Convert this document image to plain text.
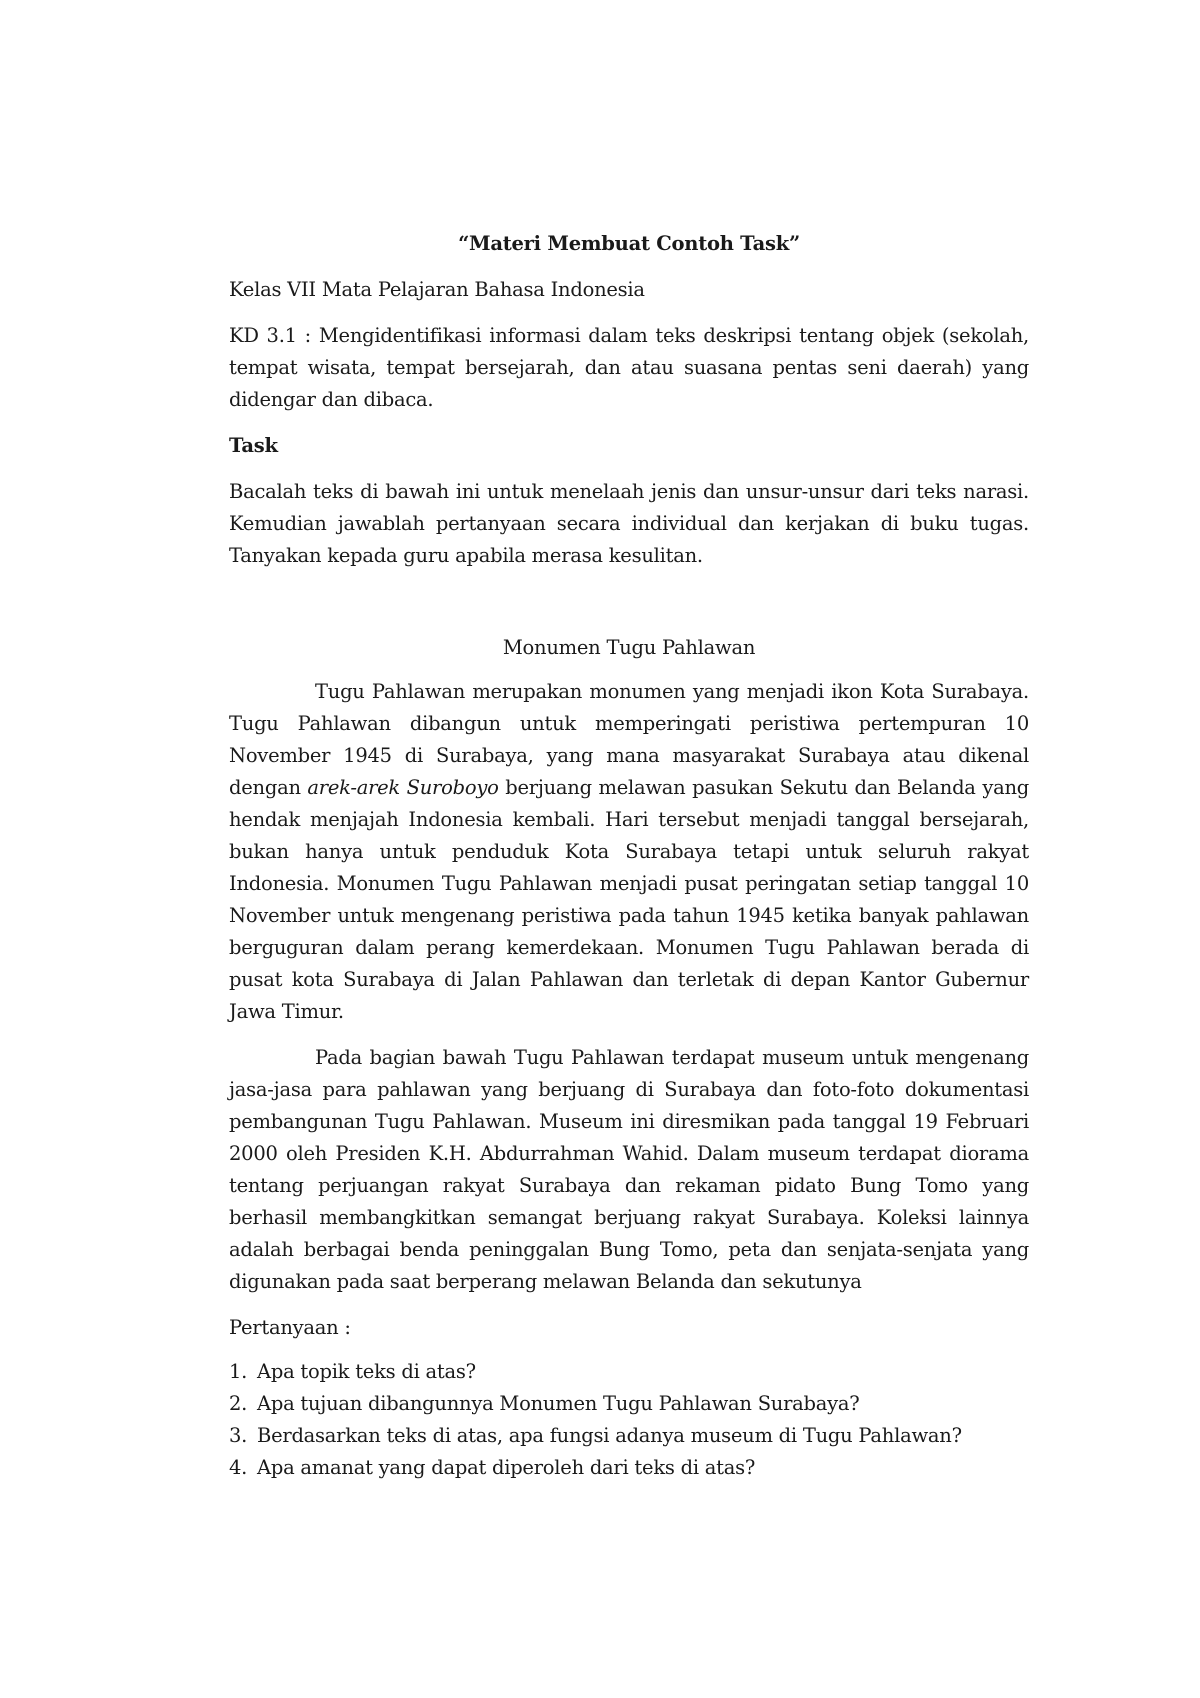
“Materi Membuat Contoh Task”

Kelas VII Mata Pelajaran Bahasa Indonesia

KD 3.1 : Mengidentifikasi informasi dalam teks deskripsi tentang objek (sekolah, tempat wisata, tempat bersejarah, dan atau suasana pentas seni daerah) yang didengar dan dibaca.

Task

Bacalah teks di bawah ini untuk menelaah jenis dan unsur-unsur dari teks narasi. Kemudian jawablah pertanyaan secara individual dan kerjakan di buku tugas. Tanyakan kepada guru apabila merasa kesulitan.

Monumen Tugu Pahlawan

Tugu Pahlawan merupakan monumen yang menjadi ikon Kota Surabaya. Tugu Pahlawan dibangun untuk memperingati peristiwa pertempuran 10 November 1945 di Surabaya, yang mana masyarakat Surabaya atau dikenal dengan arek-arek Suroboyo berjuang melawan pasukan Sekutu dan Belanda yang hendak menjajah Indonesia kembali. Hari tersebut menjadi tanggal bersejarah, bukan hanya untuk penduduk Kota Surabaya tetapi untuk seluruh rakyat Indonesia. Monumen Tugu Pahlawan menjadi pusat peringatan setiap tanggal 10 November untuk mengenang peristiwa pada tahun 1945 ketika banyak pahlawan berguguran dalam perang kemerdekaan. Monumen Tugu Pahlawan berada di pusat kota Surabaya di Jalan Pahlawan dan terletak di depan Kantor Gubernur Jawa Timur.

Pada bagian bawah Tugu Pahlawan terdapat museum untuk mengenang jasa-jasa para pahlawan yang berjuang di Surabaya dan foto-foto dokumentasi pembangunan Tugu Pahlawan. Museum ini diresmikan pada tanggal 19 Februari 2000 oleh Presiden K.H. Abdurrahman Wahid. Dalam museum terdapat diorama tentang perjuangan rakyat Surabaya dan rekaman pidato Bung Tomo yang berhasil membangkitkan semangat berjuang rakyat Surabaya. Koleksi lainnya adalah berbagai benda peninggalan Bung Tomo, peta dan senjata-senjata yang digunakan pada saat berperang melawan Belanda dan sekutunya

Pertanyaan :

1. Apa topik teks di atas?
2. Apa tujuan dibangunnya Monumen Tugu Pahlawan Surabaya?
3. Berdasarkan teks di atas, apa fungsi adanya museum di Tugu Pahlawan?
4. Apa amanat yang dapat diperoleh dari teks di atas?
